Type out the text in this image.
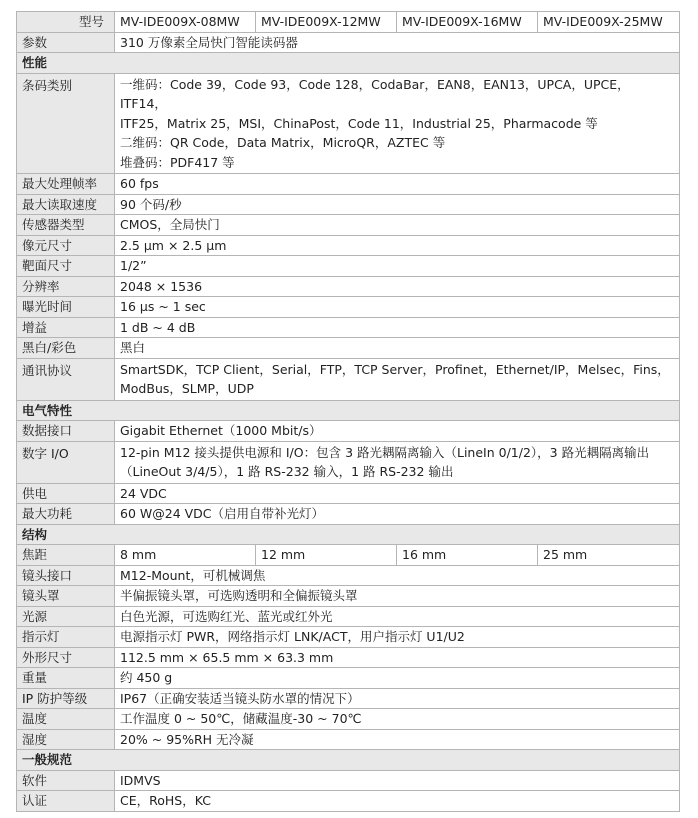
型号	MV-IDE009X-08MW	MV-IDE009X-12MW	MV-IDE009X-16MW	MV-IDE009X-25MW
参数	310 万像素全局快门智能读码器			
性能				
条码类别	一维码：Code 39，Code 93，Code 128，CodaBar，EAN8，EAN13，UPCA，UPCE，ITF14，
ITF25，Matrix 25，MSI，ChinaPost，Code 11，Industrial 25，Pharmacode 等
二维码：QR Code，Data Matrix，MicroQR，AZTEC 等
堆叠码：PDF417 等			

最大处理帧率	60 fps			
最大读取速度	90 个码/秒			
传感器类型	CMOS，全局快门			
像元尺寸	2.5 µm × 2.5 µm			
靶面尺寸	1/2”			
分辨率	2048 × 1536			
曝光时间	16 µs ~ 1 sec			
增益	1 dB ~ 4 dB			
黑白/彩色	黑白			
通讯协议	SmartSDK，TCP Client，Serial，FTP，TCP Server，Profinet，Ethernet/IP，Melsec，Fins，
ModBus，SLMP，UDP			

电气特性				
数据接口	Gigabit Ethernet（1000 Mbit/s）			
数字 I/O	12-pin M12 接头提供电源和 I/O：包含 3 路光耦隔离输入（LineIn 0/1/2），3 路光耦隔离输出
（LineOut 3/4/5），1 路 RS-232 输入，1 路 RS-232 输出			

供电	24 VDC			
最大功耗	60 W@24 VDC（启用自带补光灯）			
结构				
焦距	8 mm	12 mm	16 mm	25 mm
镜头接口	M12-Mount，可机械调焦			
镜头罩	半偏振镜头罩，可选购透明和全偏振镜头罩			
光源	白色光源，可选购红光、蓝光或红外光			
指示灯	电源指示灯 PWR，网络指示灯 LNK/ACT，用户指示灯 U1/U2			
外形尺寸	112.5 mm × 65.5 mm × 63.3 mm			
重量	约 450 g			
IP 防护等级	IP67（正确安装适当镜头防水罩的情况下）			
温度	工作温度 0 ~ 50℃，储藏温度-30 ~ 70℃			
湿度	20% ~ 95%RH 无冷凝			
一般规范				
软件	IDMVS			
认证	CE，RoHS，KC			
